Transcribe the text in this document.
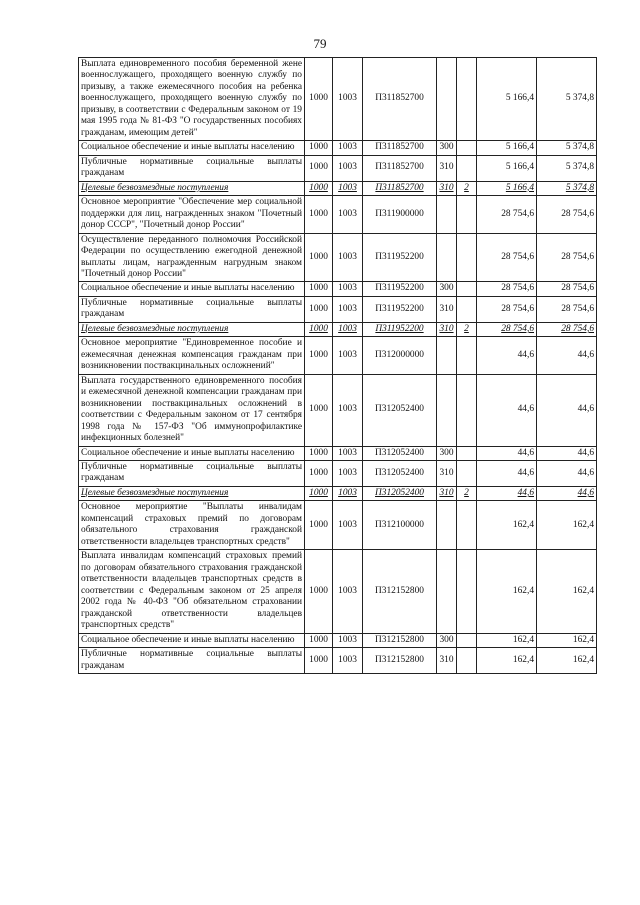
79
Выплата единовременного пособия беременной жене военнослужащего, проходящего военную службу по призыву, а также ежемесячного пособия на ребенка военнослужащего, проходящего военную службу по призыву, в соответствии с Федеральным законом от 19 мая 1995 года № 81-ФЗ "О государственных пособиях гражданам, имеющим детей"	1000	1003	П311852700			5 166,4	5 374,8
Социальное обеспечение и иные выплаты населению	1000	1003	П311852700	300		5 166,4	5 374,8
Публичные нормативные социальные выплаты гражданам	1000	1003	П311852700	310		5 166,4	5 374,8
Целевые безвозмездные поступления	1000	1003	П311852700	310	2	5 166,4	5 374,8
Основное мероприятие "Обеспечение мер социальной поддержки для лиц, награжденных знаком "Почетный донор СССР", "Почетный донор России"	1000	1003	П311900000			28 754,6	28 754,6
Осуществление переданного полномочия Российской Федерации по осуществлению ежегодной денежной выплаты лицам, награжденным нагрудным знаком "Почетный донор России"	1000	1003	П311952200			28 754,6	28 754,6
Социальное обеспечение и иные выплаты населению	1000	1003	П311952200	300		28 754,6	28 754,6
Публичные нормативные социальные выплаты гражданам	1000	1003	П311952200	310		28 754,6	28 754,6
Целевые безвозмездные поступления	1000	1003	П311952200	310	2	28 754,6	28 754,6
Основное мероприятие "Единовременное пособие и ежемесячная денежная компенсация гражданам при возникновении поствакцинальных осложнений"	1000	1003	П312000000			44,6	44,6
Выплата государственного единовременного пособия и ежемесячной денежной компенсации гражданам при возникновении поствакцинальных осложнений в соответствии с Федеральным законом от 17 сентября 1998 года № 157-ФЗ "Об иммунопрофилактике инфекционных болезней"	1000	1003	П312052400			44,6	44,6
Социальное обеспечение и иные выплаты населению	1000	1003	П312052400	300		44,6	44,6
Публичные нормативные социальные выплаты гражданам	1000	1003	П312052400	310		44,6	44,6
Целевые безвозмездные поступления	1000	1003	П312052400	310	2	44,6	44,6
Основное мероприятие "Выплаты инвалидам компенсаций страховых премий по договорам обязательного страхования гражданской ответственности владельцев транспортных средств"	1000	1003	П312100000			162,4	162,4
Выплата инвалидам компенсаций страховых премий по договорам обязательного страхования гражданской ответственности владельцев транспортных средств в соответствии с Федеральным законом от 25 апреля 2002 года № 40-ФЗ "Об обязательном страховании гражданской ответственности владельцев транспортных средств"	1000	1003	П312152800			162,4	162,4
Социальное обеспечение и иные выплаты населению	1000	1003	П312152800	300		162,4	162,4
Публичные нормативные социальные выплаты гражданам	1000	1003	П312152800	310		162,4	162,4
